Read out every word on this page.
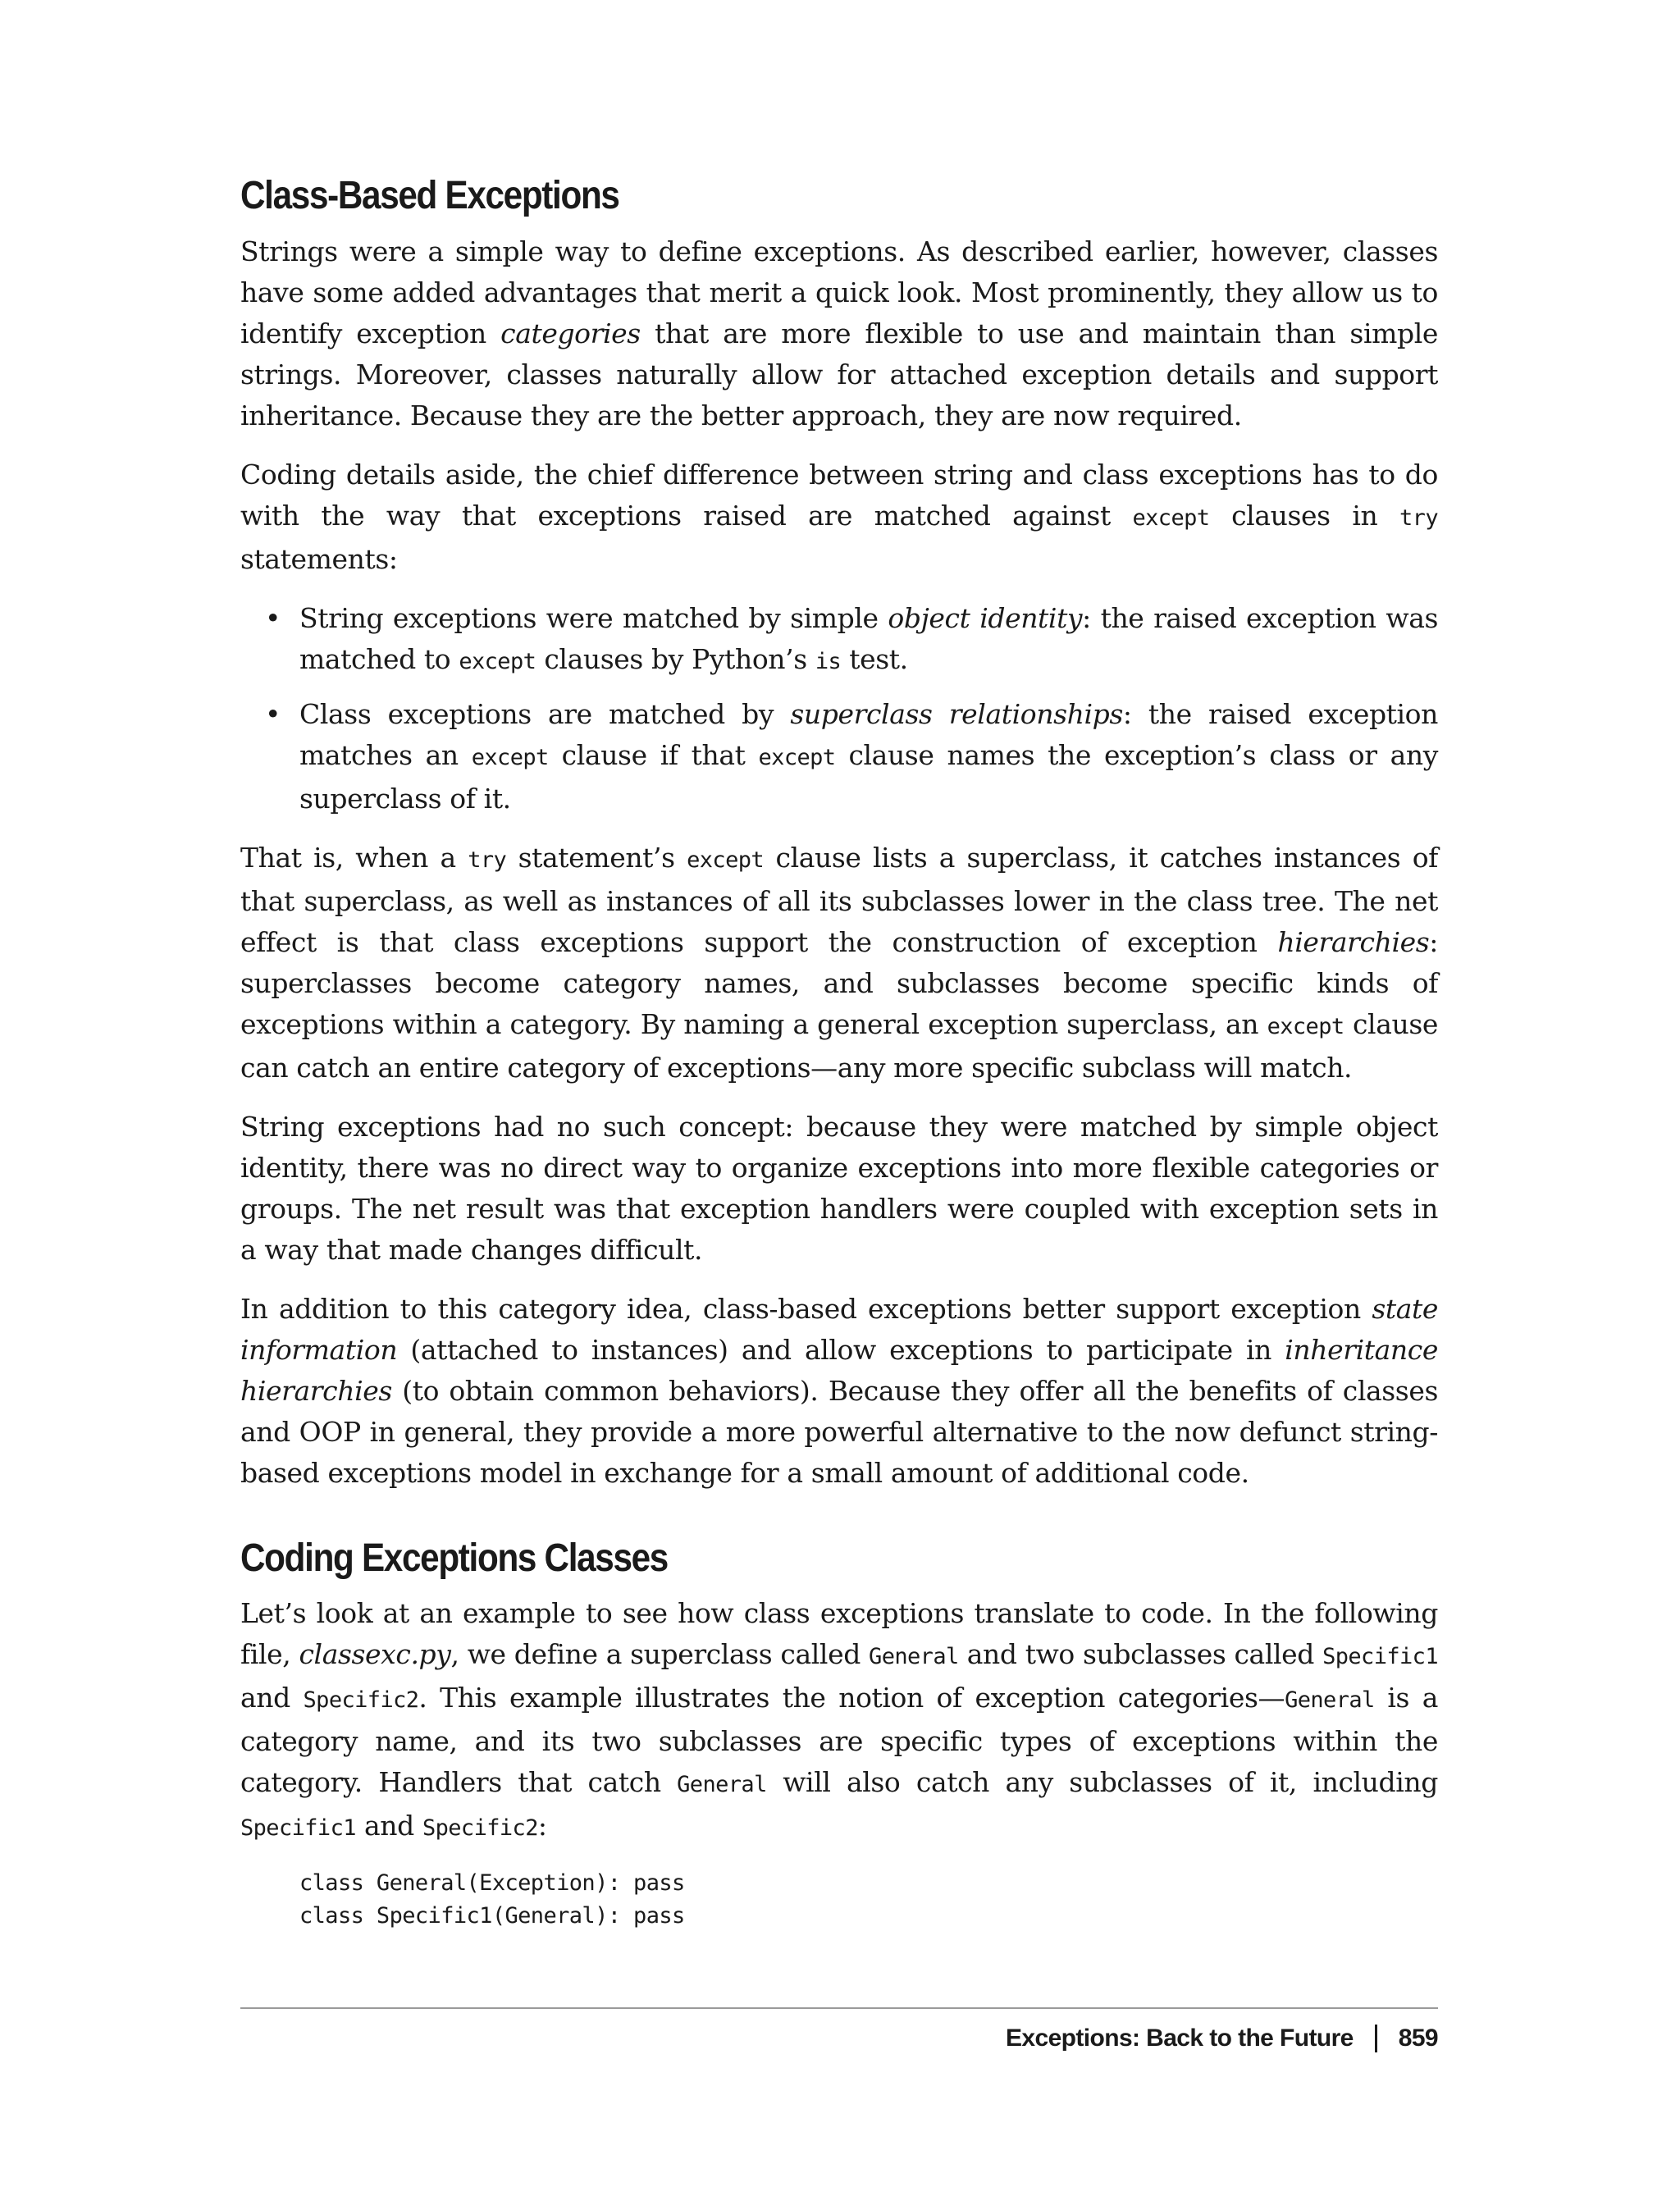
Class-Based Exceptions

Strings were a simple way to define exceptions. As described earlier, however, classes have some added advantages that merit a quick look. Most prominently, they allow us to identify exception categories that are more flexible to use and maintain than simple strings. Moreover, classes naturally allow for attached exception details and support inheritance. Because they are the better approach, they are now required.

Coding details aside, the chief difference between string and class exceptions has to do with the way that exceptions raised are matched against except clauses in try statements:

• String exceptions were matched by simple object identity: the raised exception was matched to except clauses by Python’s is test.
• Class exceptions are matched by superclass relationships: the raised exception matches an except clause if that except clause names the exception’s class or any superclass of it.

That is, when a try statement’s except clause lists a superclass, it catches instances of that superclass, as well as instances of all its subclasses lower in the class tree. The net effect is that class exceptions support the construction of exception hierarchies: superclasses become category names, and subclasses become specific kinds of exceptions within a category. By naming a general exception superclass, an except clause can catch an entire category of exceptions—any more specific subclass will match.

String exceptions had no such concept: because they were matched by simple object identity, there was no direct way to organize exceptions into more flexible categories or groups. The net result was that exception handlers were coupled with exception sets in a way that made changes difficult.

In addition to this category idea, class-based exceptions better support exception state information (attached to instances) and allow exceptions to participate in inheritance hierarchies (to obtain common behaviors). Because they offer all the benefits of classes and OOP in general, they provide a more powerful alternative to the now defunct string-based exceptions model in exchange for a small amount of additional code.

Coding Exceptions Classes

Let’s look at an example to see how class exceptions translate to code. In the following file, classexc.py, we define a superclass called General and two subclasses called Specific1 and Specific2. This example illustrates the notion of exception categories—General is a category name, and its two subclasses are specific types of exceptions within the category. Handlers that catch General will also catch any subclasses of it, including Specific1 and Specific2:

class General(Exception): pass
class Specific1(General): pass
Exceptions: Back to the Future 859
